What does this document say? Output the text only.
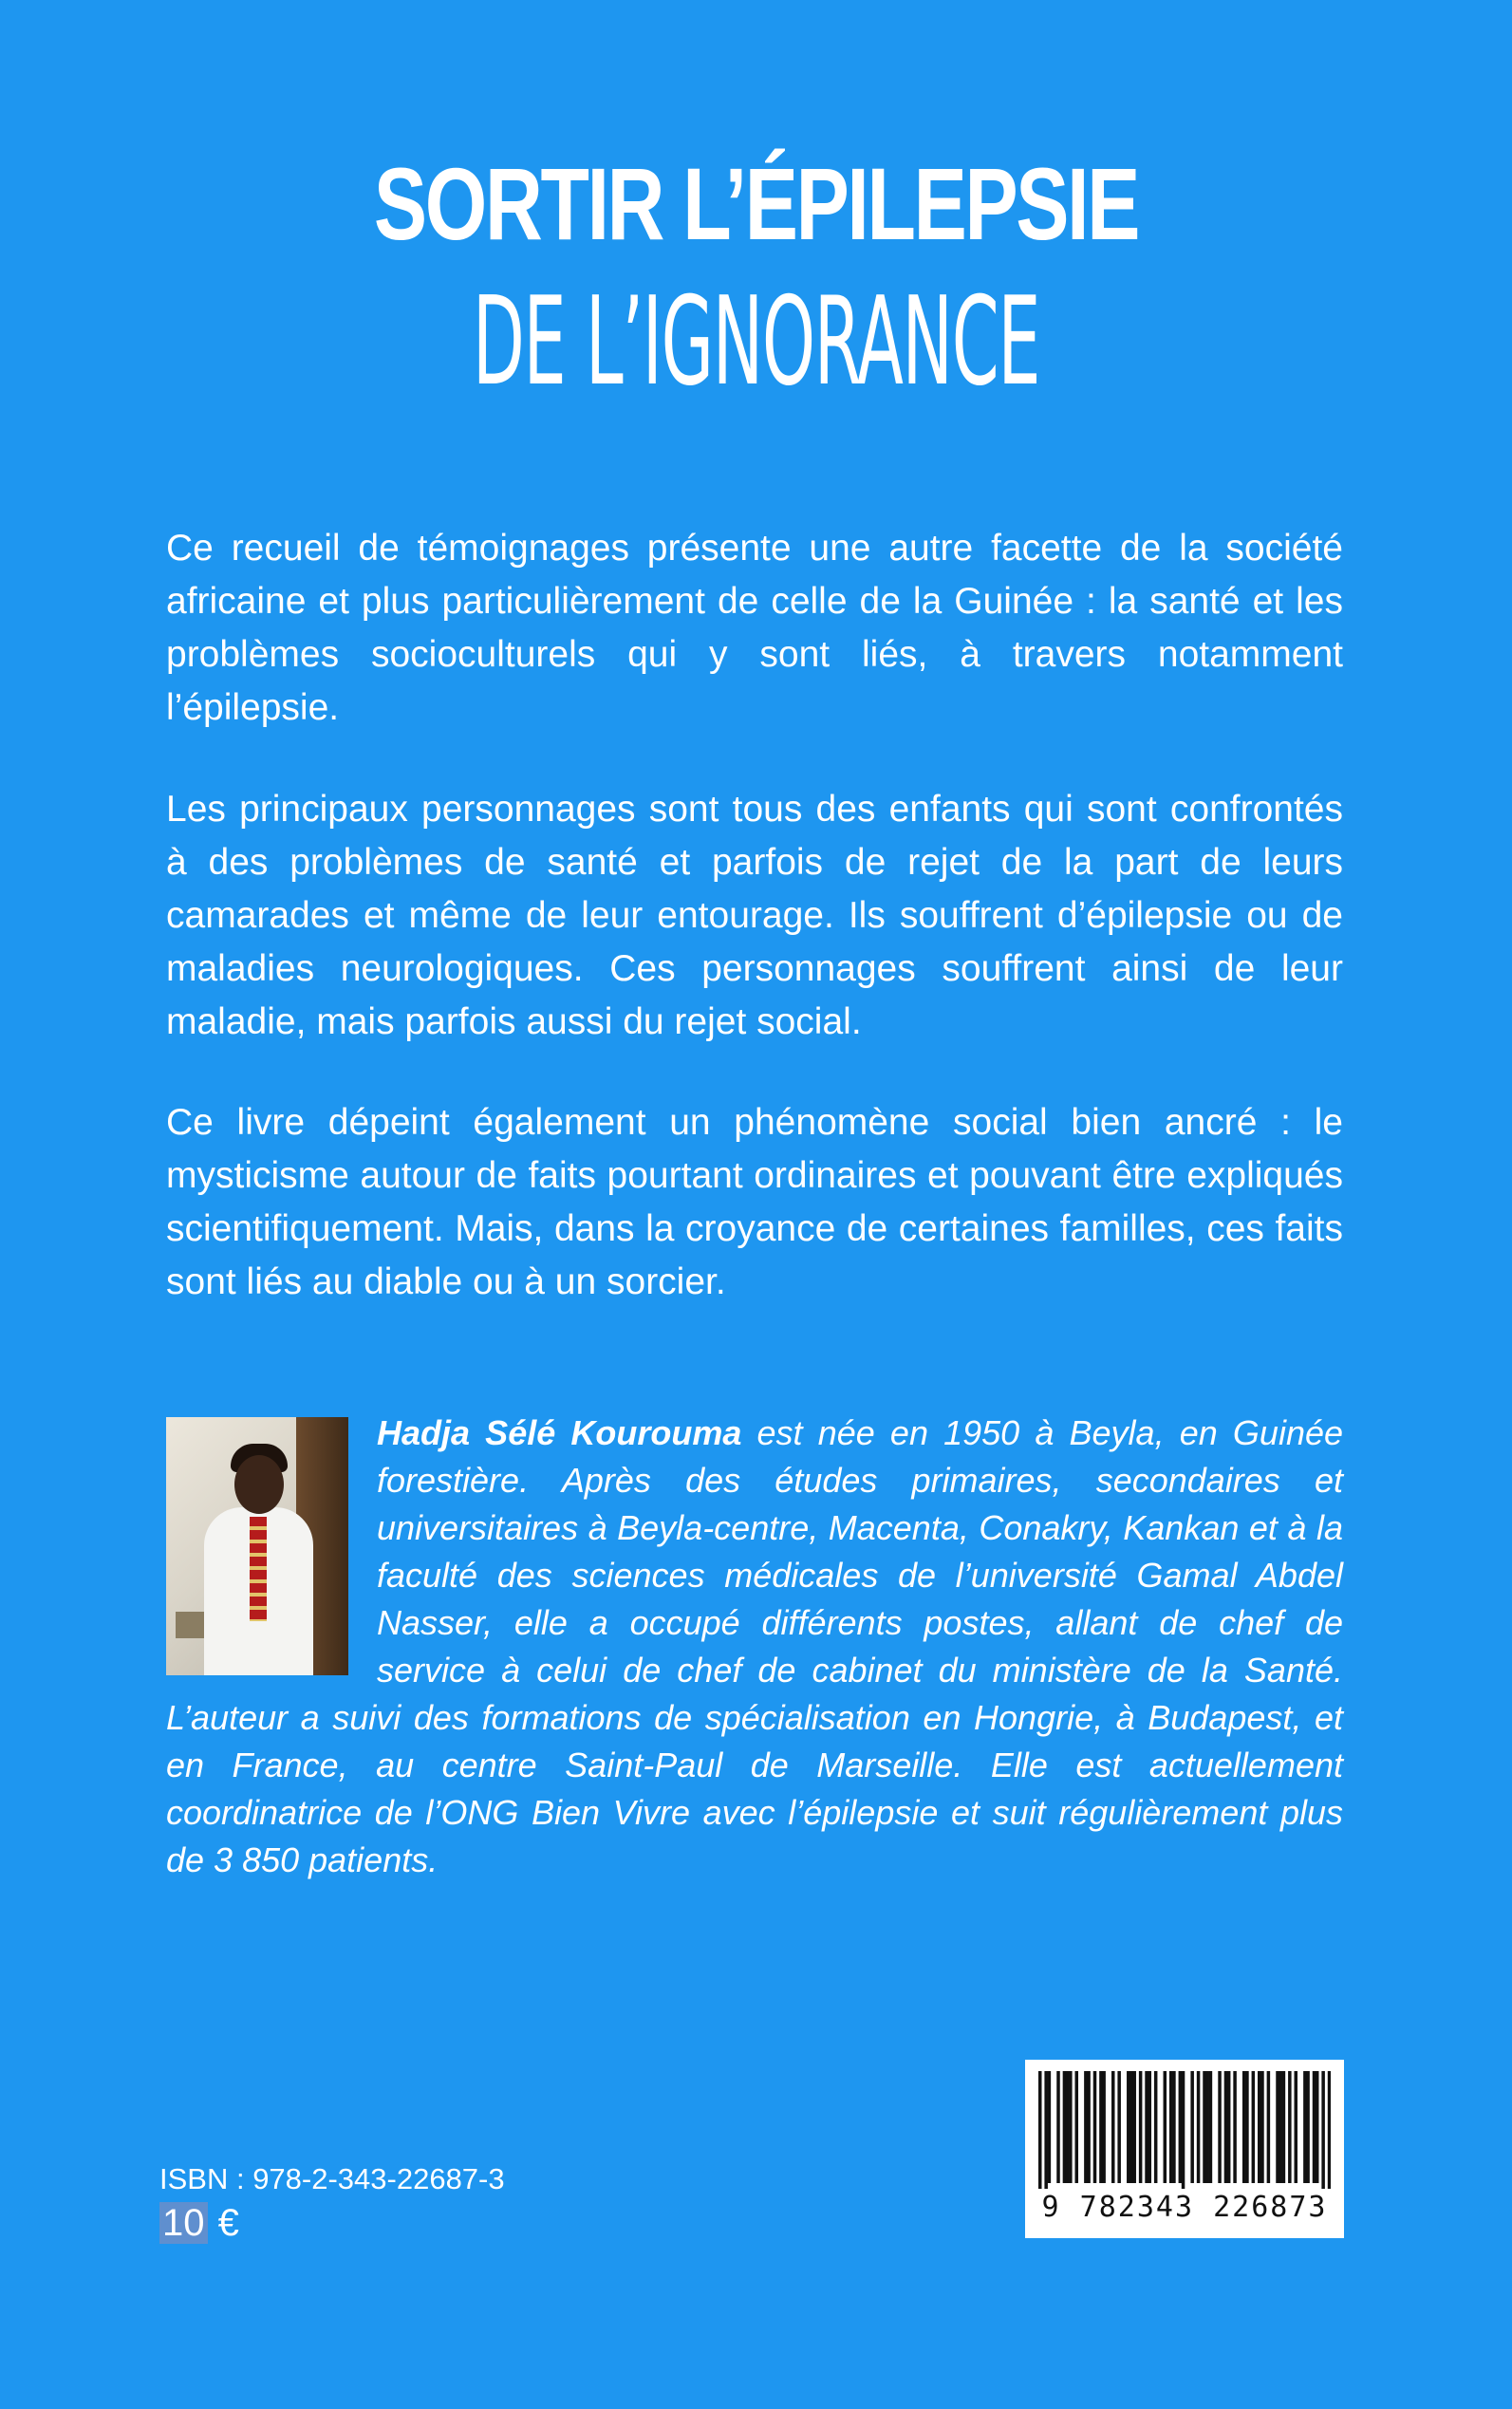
SORTIR L’ÉPILEPSIE
DE L’IGNORANCE
Ce recueil de témoignages présente une autre facette de la société africaine et plus particulièrement de celle de la Guinée : la santé et les problèmes socioculturels qui y sont liés, à travers notamment l’épilepsie.
Les principaux personnages sont tous des enfants qui sont confrontés à des problèmes de santé et parfois de rejet de la part de leurs camarades et même de leur entourage. Ils souffrent d’épilepsie ou de maladies neurologiques. Ces personnages souffrent ainsi de leur maladie, mais parfois aussi du rejet social.
Ce livre dépeint également un phénomène social bien ancré : le mysticisme autour de faits pourtant ordinaires et pouvant être expliqués scientifiquement. Mais, dans la croyance de certaines familles, ces faits sont liés au diable ou à un sorcier.
Hadja Sélé Kourouma est née en 1950 à Beyla, en Guinée forestière. Après des études primaires, secondaires et universitaires à Beyla-centre, Macenta, Conakry, Kankan et à la faculté des sciences médicales de l’université Gamal Abdel Nasser, elle a occupé différents postes, allant de chef de service à celui de chef de cabinet du ministère de la Santé. L’auteur a suivi des formations de spécialisation en Hongrie, à Budapest, et en France, au centre Saint-Paul de Marseille. Elle est actuellement coordinatrice de l’ONG Bien Vivre avec l’épilepsie et suit régulièrement plus de 3 850 patients.
ISBN : 978-2-343-22687-3
10 €	9 782343 226873
